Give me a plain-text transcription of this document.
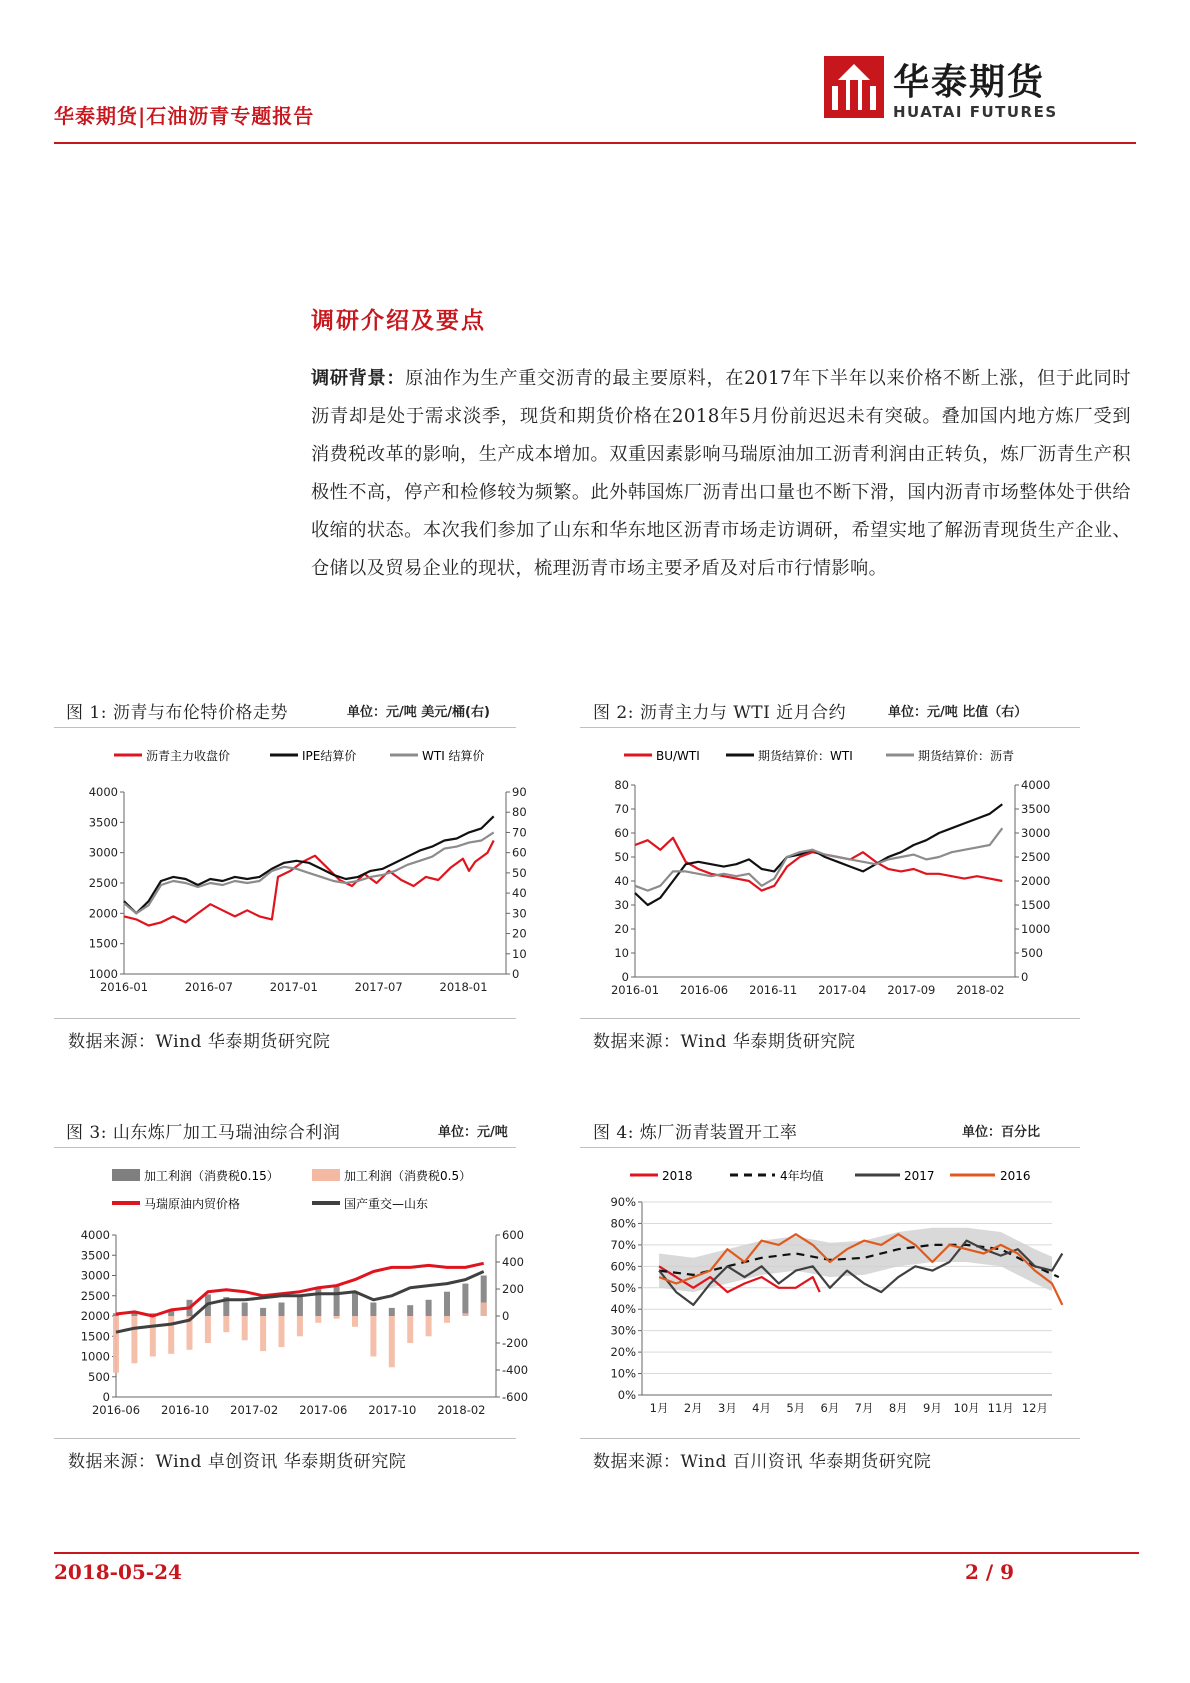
华泰期货|石油沥青专题报告
华泰期货
HUATAI FUTURES
调研介绍及要点
调研背景：原油作为生产重交沥青的最主要原料，在2017年下半年以来价格不断上涨，但于此同时沥青却是处于需求淡季，现货和期货价格在2018年5月份前迟迟未有突破。叠加国内地方炼厂受到消费税改革的影响，生产成本增加。双重因素影响马瑞原油加工沥青利润由正转负，炼厂沥青生产积极性不高，停产和检修较为频繁。此外韩国炼厂沥青出口量也不断下滑，国内沥青市场整体处于供给收缩的状态。本次我们参加了山东和华东地区沥青市场走访调研，希望实地了解沥青现货生产企业、仓储以及贸易企业的现状，梳理沥青市场主要矛盾及对后市行情影响。
图 1: 沥青与布伦特价格走势	单位：元/吨 美元/桶(右)
沥青主力收盘价	IPE结算价	WTI 结算价
4000
3500
3000
2500
2000
1500
1000
90
80
70
60
50
40
30
20
10
0
2016-01	2016-07	2017-01	2017-07	2018-01
数据来源：Wind 华泰期货研究院
图 2: 沥青主力与 WTI 近月合约	单位：元/吨 比值（右）
BU/WTI	期货结算价：WTI	期货结算价：沥青
80
70
60
50
40
30
20
10
0
4000
3500
3000
2500
2000
1500
1000
500
0
2016-01 2016-06 2016-11 2017-04 2017-09 2018-02
数据来源：Wind 华泰期货研究院
图 3: 山东炼厂加工马瑞油综合利润	单位：元/吨
加工利润（消费税0.15）	加工利润（消费税0.5）
马瑞原油内贸价格	国产重交—山东
4000
3500
3000
2500
2000
1500
1000
500
0
600
400
200
0
-200
-400
-600
2016-06 2016-10 2017-02 2017-06 2017-10 2018-02
数据来源：Wind 卓创资讯 华泰期货研究院
图 4: 炼厂沥青装置开工率	单位：百分比
2018	4年均值	2017	2016
90%
80%
70%
60%
50%
40%
30%
20%
10%
0%
1月 2月 3月 4月 5月 6月 7月 8月 9月 10月 11月 12月
数据来源：Wind 百川资讯 华泰期货研究院
2018-05-24	2 / 9
